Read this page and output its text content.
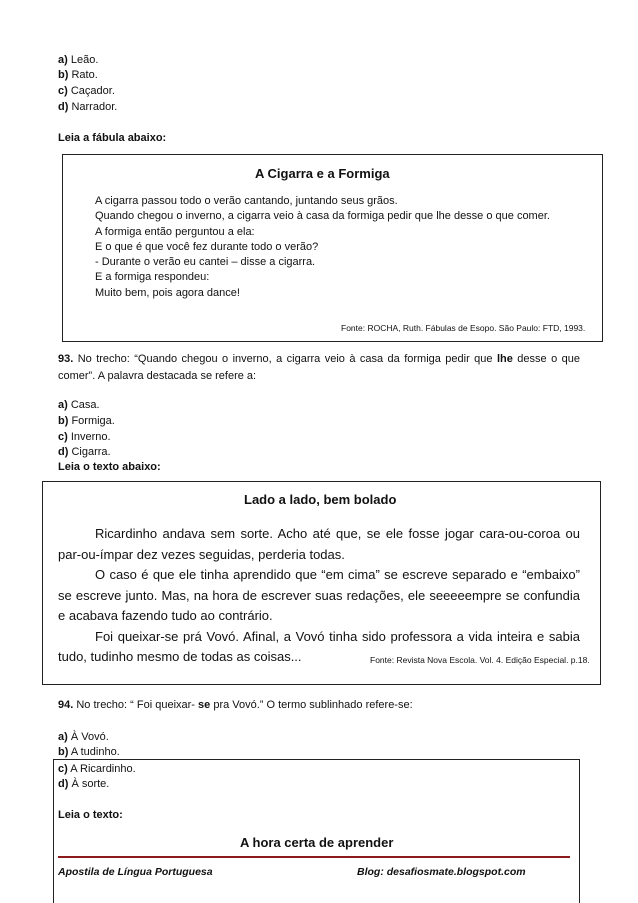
a) Leão.
b) Rato.
c) Caçador.
d) Narrador.
Leia a fábula abaixo:
A Cigarra e a Formiga
A cigarra passou todo o verão cantando, juntando seus grãos.
Quando chegou o inverno, a cigarra veio à casa da formiga pedir que lhe desse o que comer.
A formiga então perguntou a ela:
E o que é que você fez durante todo o verão?
- Durante o verão eu cantei – disse a cigarra.
E a formiga respondeu:
Muito bem, pois agora dance!
Fonte: ROCHA, Ruth. Fábulas de Esopo. São Paulo: FTD, 1993.
93. No trecho: “Quando chegou o inverno, a cigarra veio à casa da formiga pedir que lhe desse o que comer”. A palavra destacada se refere a:
a) Casa.
b) Formiga.
c) Inverno.
d) Cigarra.
Leia o texto abaixo:
Lado a lado, bem bolado

Ricardinho andava sem sorte. Acho até que, se ele fosse jogar cara-ou-coroa ou par-ou-ímpar dez vezes seguidas, perderia todas.

O caso é que ele tinha aprendido que “em cima” se escreve separado e “embaixo” se escreve junto. Mas, na hora de escrever suas redações, ele seeeeempre se confundia e acabava fazendo tudo ao contrário.

Foi queixar-se prá Vovó. Afinal, a Vovó tinha sido professora a vida inteira e sabia tudo, tudinho mesmo de todas as coisas...	Fonte: Revista Nova Escola. Vol. 4. Edição Especial. p.18.
94. No trecho: “ Foi queixar- se pra Vovó.” O termo sublinhado refere-se:
a) À Vovó.
b) A tudinho.
c) A Ricardinho.
d) À sorte.
Leia o texto:
A hora certa de aprender
Apostila de Língua Portuguesa	Blog: desafiosmate.blogspot.com
